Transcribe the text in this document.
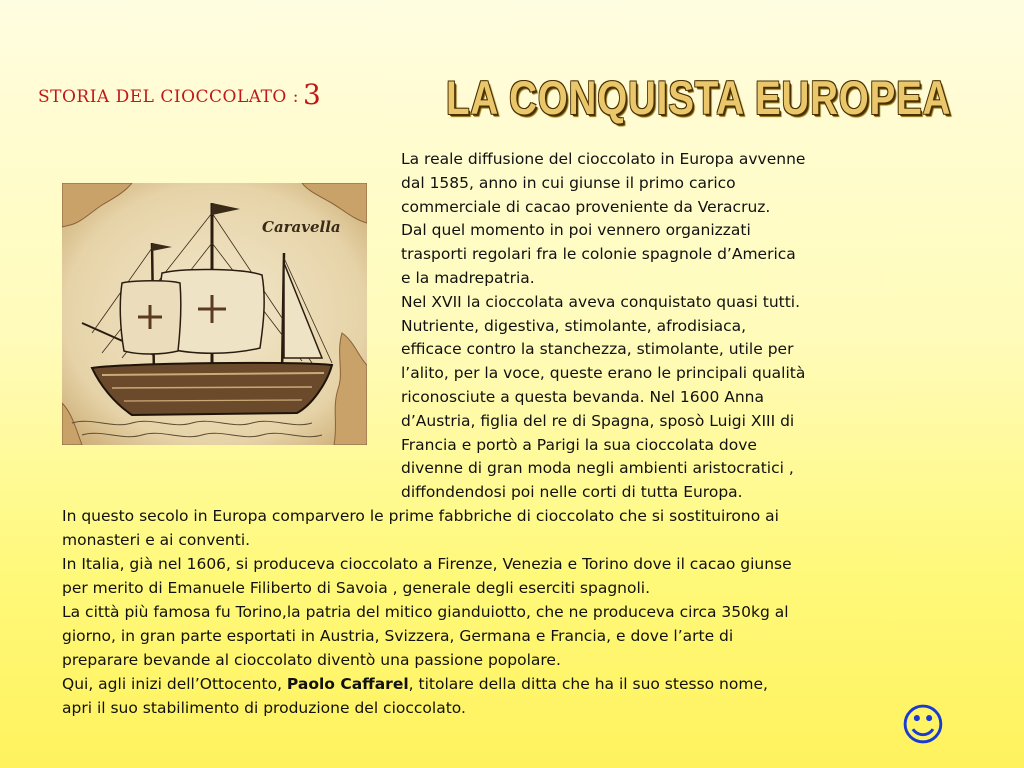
STORIA DEL CIOCCOLATO : 3	LA CONQUISTA EUROPEA
Caravella

La reale diffusione del cioccolato in Europa avvenne

dal 1585, anno in cui giunse il primo carico

commerciale di cacao proveniente da Veracruz.

Dal quel momento in poi vennero organizzati

trasporti regolari fra le colonie spagnole d’America

e la madrepatria.

Nel XVII la cioccolata aveva conquistato quasi tutti.

Nutriente, digestiva, stimolante, afrodisiaca,

efficace contro la stanchezza, stimolante, utile per

l’alito, per la voce, queste erano le principali qualità

riconosciute a questa bevanda. Nel 1600 Anna

d’Austria, figlia del re di Spagna, sposò Luigi XIII di

Francia e portò a Parigi la sua cioccolata dove

divenne di gran moda negli ambienti aristocratici ,

diffondendosi poi nelle corti di tutta Europa.

In questo secolo in Europa comparvero le prime fabbriche di cioccolato che si sostituirono ai

monasteri e ai conventi.

In Italia, già nel 1606, si produceva cioccolato a Firenze, Venezia e Torino dove il cacao giunse

per merito di Emanuele Filiberto di Savoia , generale degli eserciti spagnoli.

La città più famosa fu Torino,la patria del mitico gianduiotto, che ne produceva circa 350kg al

giorno, in gran parte esportati in Austria, Svizzera, Germana e Francia, e dove l’arte di

preparare bevande al cioccolato diventò una passione popolare.

Qui, agli inizi dell’Ottocento, Paolo Caffarel, titolare della ditta che ha il suo stesso nome,

apri il suo stabilimento di produzione del cioccolato.	☺
